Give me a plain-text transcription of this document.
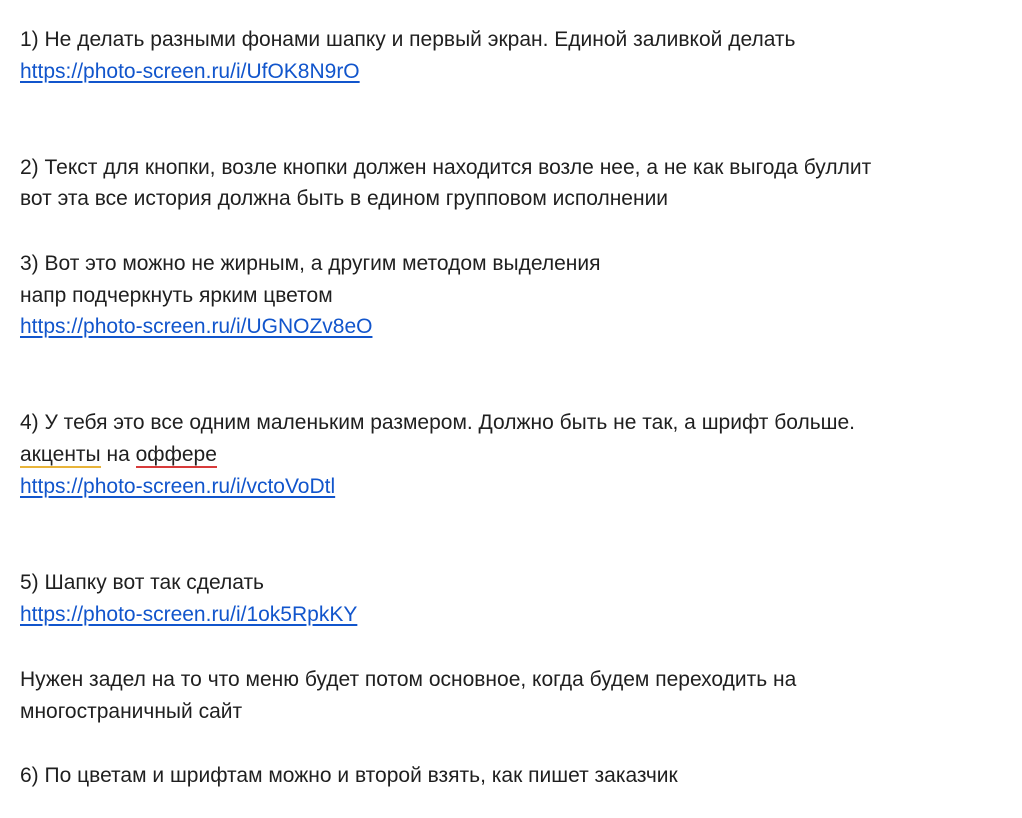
1) Не делать разными фонами шапку и первый экран. Единой заливкой делать
https://photo-screen.ru/i/UfOK8N9rO
2) Текст для кнопки, возле кнопки должен находится возле нее, а не как выгода буллит
вот эта все история должна быть в едином групповом исполнении
3) Вот это можно не жирным, а другим методом выделения
напр подчеркнуть ярким цветом
https://photo-screen.ru/i/UGNOZv8eO
4) У тебя это все одним маленьким размером. Должно быть не так, а шрифт больше.
акценты на оффере
https://photo-screen.ru/i/vctoVoDtl
5) Шапку вот так сделать
https://photo-screen.ru/i/1ok5RpkKY
Нужен задел на то что меню будет потом основное, когда будем переходить на
многостраничный сайт
6) По цветам и шрифтам можно и второй взять, как пишет заказчик
